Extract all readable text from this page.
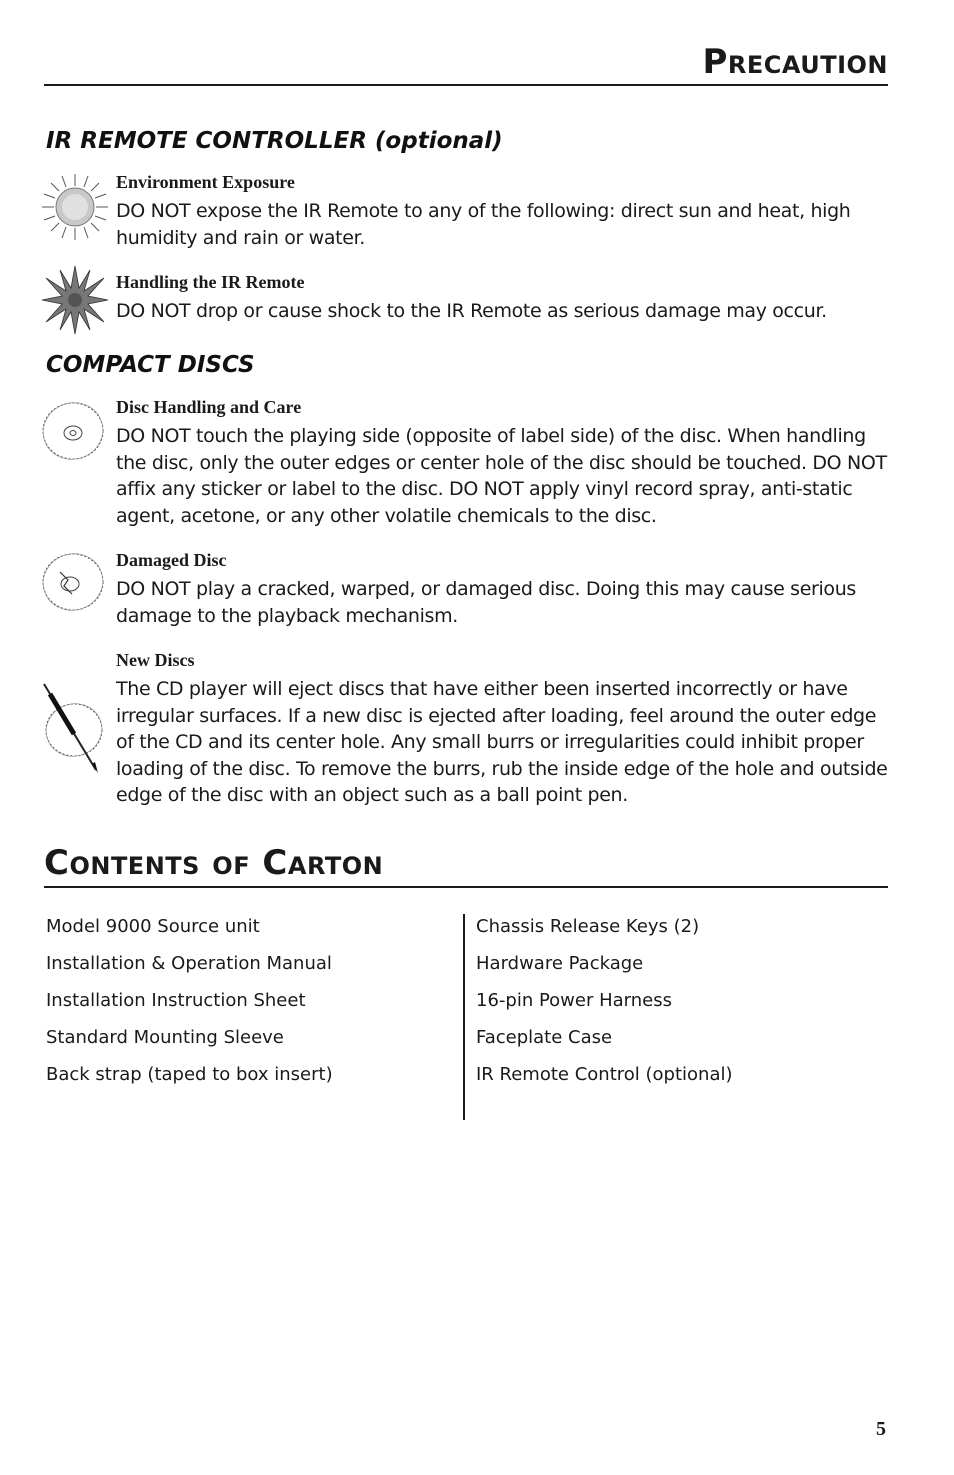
Precaution
IR REMOTE CONTROLLER (optional)
Environment Exposure

DO NOT expose the IR Remote to any of the following: direct sun and heat, high humidity and rain or water.

Handling the IR Remote

DO NOT drop or cause shock to the IR Remote as serious damage may occur.

COMPACT DISCS
Disc Handling and Care

DO NOT touch the playing side (opposite of label side) of the disc. When handling the disc, only the outer edges or center hole of the disc should be touched. DO NOT affix any sticker or label to the disc. DO NOT apply vinyl record spray, anti-static agent, acetone, or any other volatile chemicals to the disc.

Damaged Disc

DO NOT play a cracked, warped, or damaged disc. Doing this may cause serious damage to the playback mechanism.

New Discs

The CD player will eject discs that have either been inserted incorrectly or have irregular surfaces. If a new disc is ejected after loading, feel around the outer edge of the CD and its center hole. Any small burrs or irregularities could inhibit proper loading of the disc. To remove the burrs, rub the inside edge of the hole and outside edge of the disc with an object such as a ball point pen.

Contents of Carton
Model 9000 Source unit
Installation & Operation Manual
Installation Instruction Sheet
Standard Mounting Sleeve
Back strap (taped to box insert)
Chassis Release Keys (2)
Hardware Package
16-pin Power Harness
Faceplate Case
IR Remote Control (optional)
5
